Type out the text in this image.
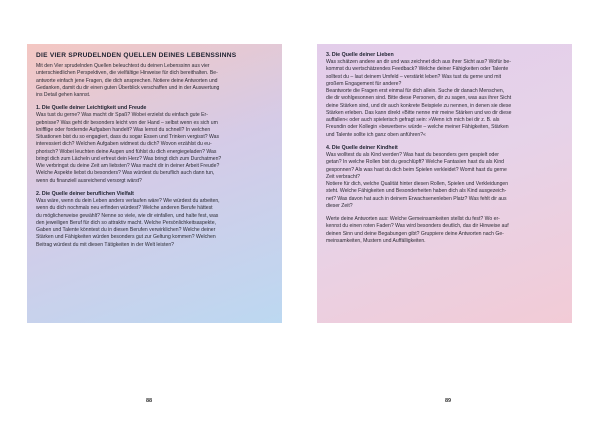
DIE VIER SPRUDELNDEN QUELLEN DEINES LEBENSSINNS
Mit den Vier sprudelnden Quellen beleuchtest du deinen Lebenssinn aus vier
unterschiedlichen Perspektiven, die vielfältige Hinweise für dich bereithalten. Be-
antworte einfach jene Fragen, die dich ansprechen. Notiere deine Antworten und
Gedanken, damit du dir einen guten Überblick verschaffen und in der Auswertung
ins Detail gehen kannst.
1. Die Quelle deiner Leichtigkeit und Freude
Was tust du gerne? Was macht dir Spaß? Wobei erzielst du einfach gute Er-
gebnisse? Was geht dir besonders leicht von der Hand – selbst wenn es sich um
knifflige oder fordernde Aufgaben handelt? Was lernst du schnell? In welchen
Situationen bist du so engagiert, dass du sogar Essen und Trinken vergisst? Was
interessiert dich? Welchen Aufgaben widmest du dich? Wovon erzählst du eu-
phorisch? Wobei leuchten deine Augen und fühlst du dich energiegeladen? Was
bringt dich zum Lächeln und erfreut dein Herz? Was bringt dich zum Durchatmen?
Wie verbringst du deine Zeit am liebsten? Was macht dir in deiner Arbeit Freude?
Welche Aspekte liebst du besonders? Was würdest du beruflich auch dann tun,
wenn du finanziell ausreichend versorgt wärst?
2. Die Quelle deiner beruflichen Vielfalt
Was wäre, wenn du dein Leben anders verlaufen wäre? Wie würdest du arbeiten,
wenn du dich nochmals neu erfinden würdest? Welche anderen Berufe hättest
du möglicherweise gewählt? Nenne so viele, wie dir einfallen, und halte fest, was
den jeweiligen Beruf für dich so attraktiv macht. Welche Persönlichkeitsaspekte,
Gaben und Talente könntest du in diesen Berufen verwirklichen? Welche deiner
Stärken und Fähigkeiten würden besonders gut zur Geltung kommen? Welchen
Beitrag würdest du mit diesen Tätigkeiten in der Welt leisten?
3. Die Quelle deiner Lieben
Was schätzen andere an dir und was zeichnet dich aus ihrer Sicht aus? Wofür be-
kommst du wertschätzendes Feedback? Welche deiner Fähigkeiten oder Talente
solltest du – laut deinem Umfeld – verstärkt leben? Was tust du gerne und mit
großem Engagement für andere?
Beantworte die Fragen erst einmal für dich allein. Suche dir danach Menschen,
die dir wohlgesonnen sind. Bitte diese Personen, dir zu sagen, was aus ihrer Sicht
deine Stärken sind, und dir auch konkrete Beispiele zu nennen, in denen sie diese
Stärken erleben. Das kann direkt »Bitte nenne mir meine Stärken und wo dir diese
auffallen« oder auch spielerisch gefragt sein: »Wenn ich mich bei dir z. B. als
Freundin oder Kollegin »bewerben« würde – welche meiner Fähigkeiten, Stärken
und Talente sollte ich ganz oben anführen?«
4. Die Quelle deiner Kindheit
Was wolltest du als Kind werden? Was hast du besonders gern gespielt oder
getan? In welche Rollen bist du geschlüpft? Welche Fantasien hast du als Kind
gesponnen? Als was hast du dich beim Spielen verkleidet? Womit hast du gerne
Zeit verbracht?
Notiere für dich, welche Qualität hinter diesen Rollen, Spielen und Verkleidungen
steht. Welche Fähigkeiten und Besonderheiten haben dich als Kind ausgezeich-
net? Was davon hat auch in deinem Erwachsenenleben Platz? Was fehlt dir aus
dieser Zeit?
Werte deine Antworten aus: Welche Gemeinsamkeiten stellst du fest? Wo er-
kennst du einen roten Faden? Was wird besonders deutlich, das dir Hinweise auf
deinen Sinn und deine Begabungen gibt? Gruppiere deine Antworten nach Ge-
meinsamkeiten, Mustern und Auffälligkeiten.
88	89
